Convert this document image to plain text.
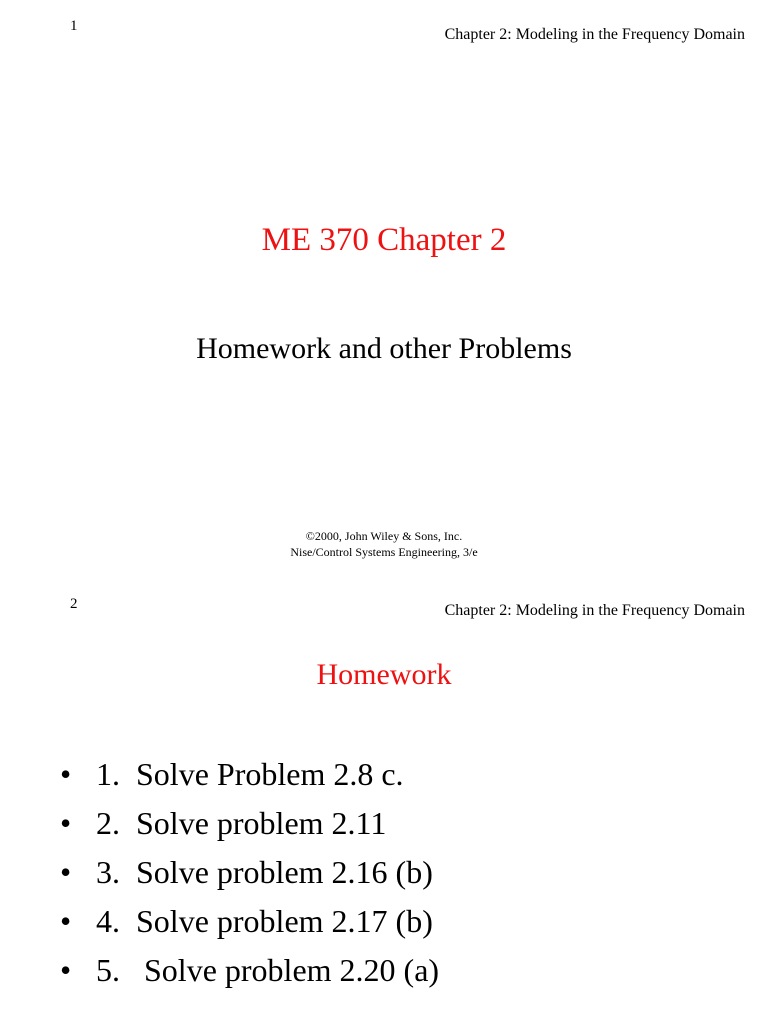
1	Chapter 2: Modeling in the Frequency Domain
ME 370 Chapter 2
Homework and other Problems
©2000, John Wiley & Sons, Inc.
Nise/Control Systems Engineering, 3/e
2	Chapter 2: Modeling in the Frequency Domain
Homework
• 1.  Solve Problem 2.8 c.
• 2.  Solve problem 2.11
• 3.  Solve problem 2.16 (b)
• 4.  Solve problem 2.17 (b)
• 5.   Solve problem 2.20 (a)
